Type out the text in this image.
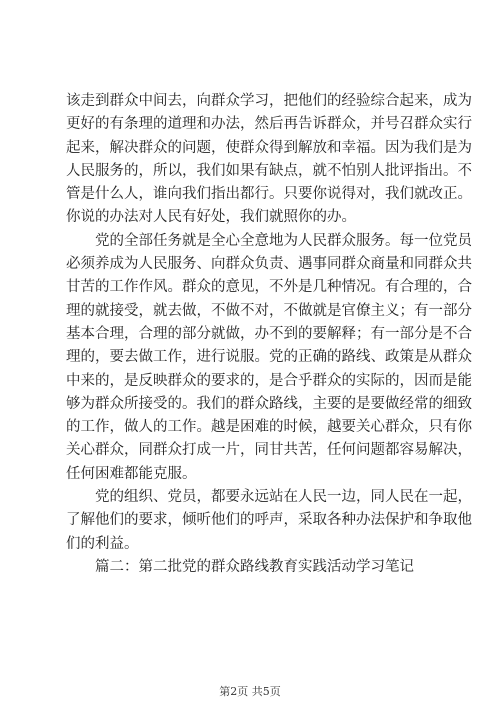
该走到群众中间去，向群众学习，把他们的经验综合起来，成为
更好的有条理的道理和办法，然后再告诉群众，并号召群众实行
起来，解决群众的问题，使群众得到解放和幸福。因为我们是为
人民服务的，所以，我们如果有缺点，就不怕别人批评指出。不
管是什么人，谁向我们指出都行。只要你说得对，我们就改正。
你说的办法对人民有好处，我们就照你的办。
党的全部任务就是全心全意地为人民群众服务。每一位党员
必须养成为人民服务、向群众负责、遇事同群众商量和同群众共
甘苦的工作作风。群众的意见，不外是几种情况。有合理的，合
理的就接受，就去做，不做不对，不做就是官僚主义；有一部分
基本合理，合理的部分就做，办不到的要解释；有一部分是不合
理的，要去做工作，进行说服。党的正确的路线、政策是从群众
中来的，是反映群众的要求的，是合乎群众的实际的，因而是能
够为群众所接受的。我们的群众路线，主要的是要做经常的细致
的工作，做人的工作。越是困难的时候，越要关心群众，只有你
关心群众，同群众打成一片，同甘共苦，任何问题都容易解决，
任何困难都能克服。
党的组织、党员，都要永远站在人民一边，同人民在一起，
了解他们的要求，倾听他们的呼声，采取各种办法保护和争取他
们的利益。
篇二：第二批党的群众路线教育实践活动学习笔记
第2页 共5页
